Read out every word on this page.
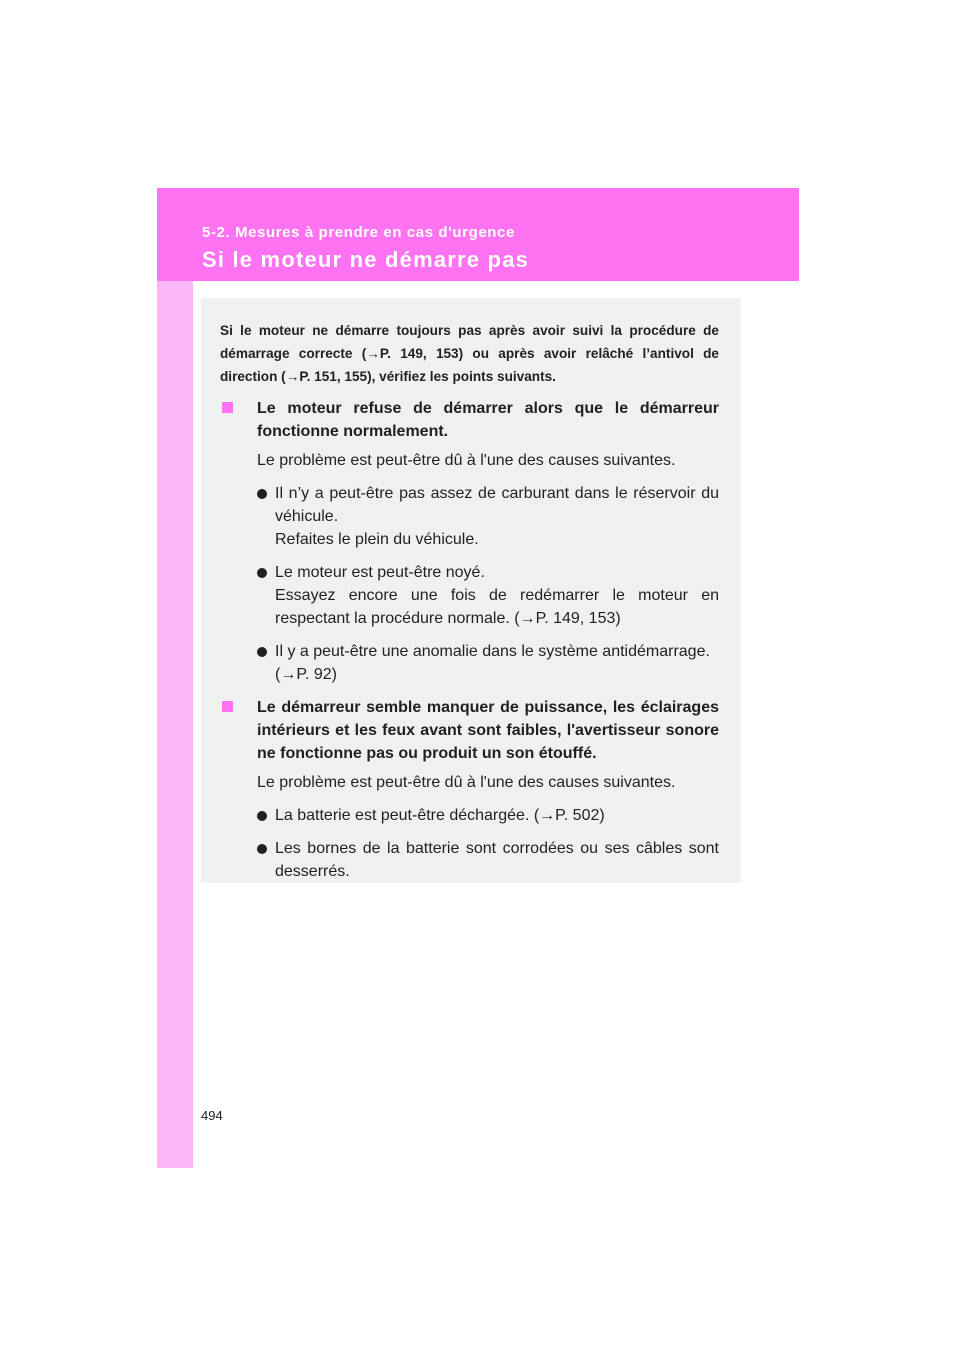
5-2. Mesures à prendre en cas d'urgence
Si le moteur ne démarre pas

Si le moteur ne démarre toujours pas après avoir suivi la procédure de démarrage correcte (→P. 149, 153) ou après avoir relâché l’antivol de direction (→P. 151, 155), vérifiez les points suivants.

Le moteur refuse de démarrer alors que le démarreur fonctionne normalement.

Le problème est peut-être dû à l'une des causes suivantes.

Il n’y a peut-être pas assez de carburant dans le réservoir du véhicule.
Refaites le plein du véhicule.
Le moteur est peut-être noyé.
Essayez encore une fois de redémarrer le moteur en respectant la procédure normale. (→P. 149, 153)
Il y a peut-être une anomalie dans le système antidémarrage.
(→P. 92)
Le démarreur semble manquer de puissance, les éclairages intérieurs et les feux avant sont faibles, l'avertisseur sonore ne fonctionne pas ou produit un son étouffé.

Le problème est peut-être dû à l'une des causes suivantes.

La batterie est peut-être déchargée. (→P. 502)
Les bornes de la batterie sont corrodées ou ses câbles sont desserrés.
494
